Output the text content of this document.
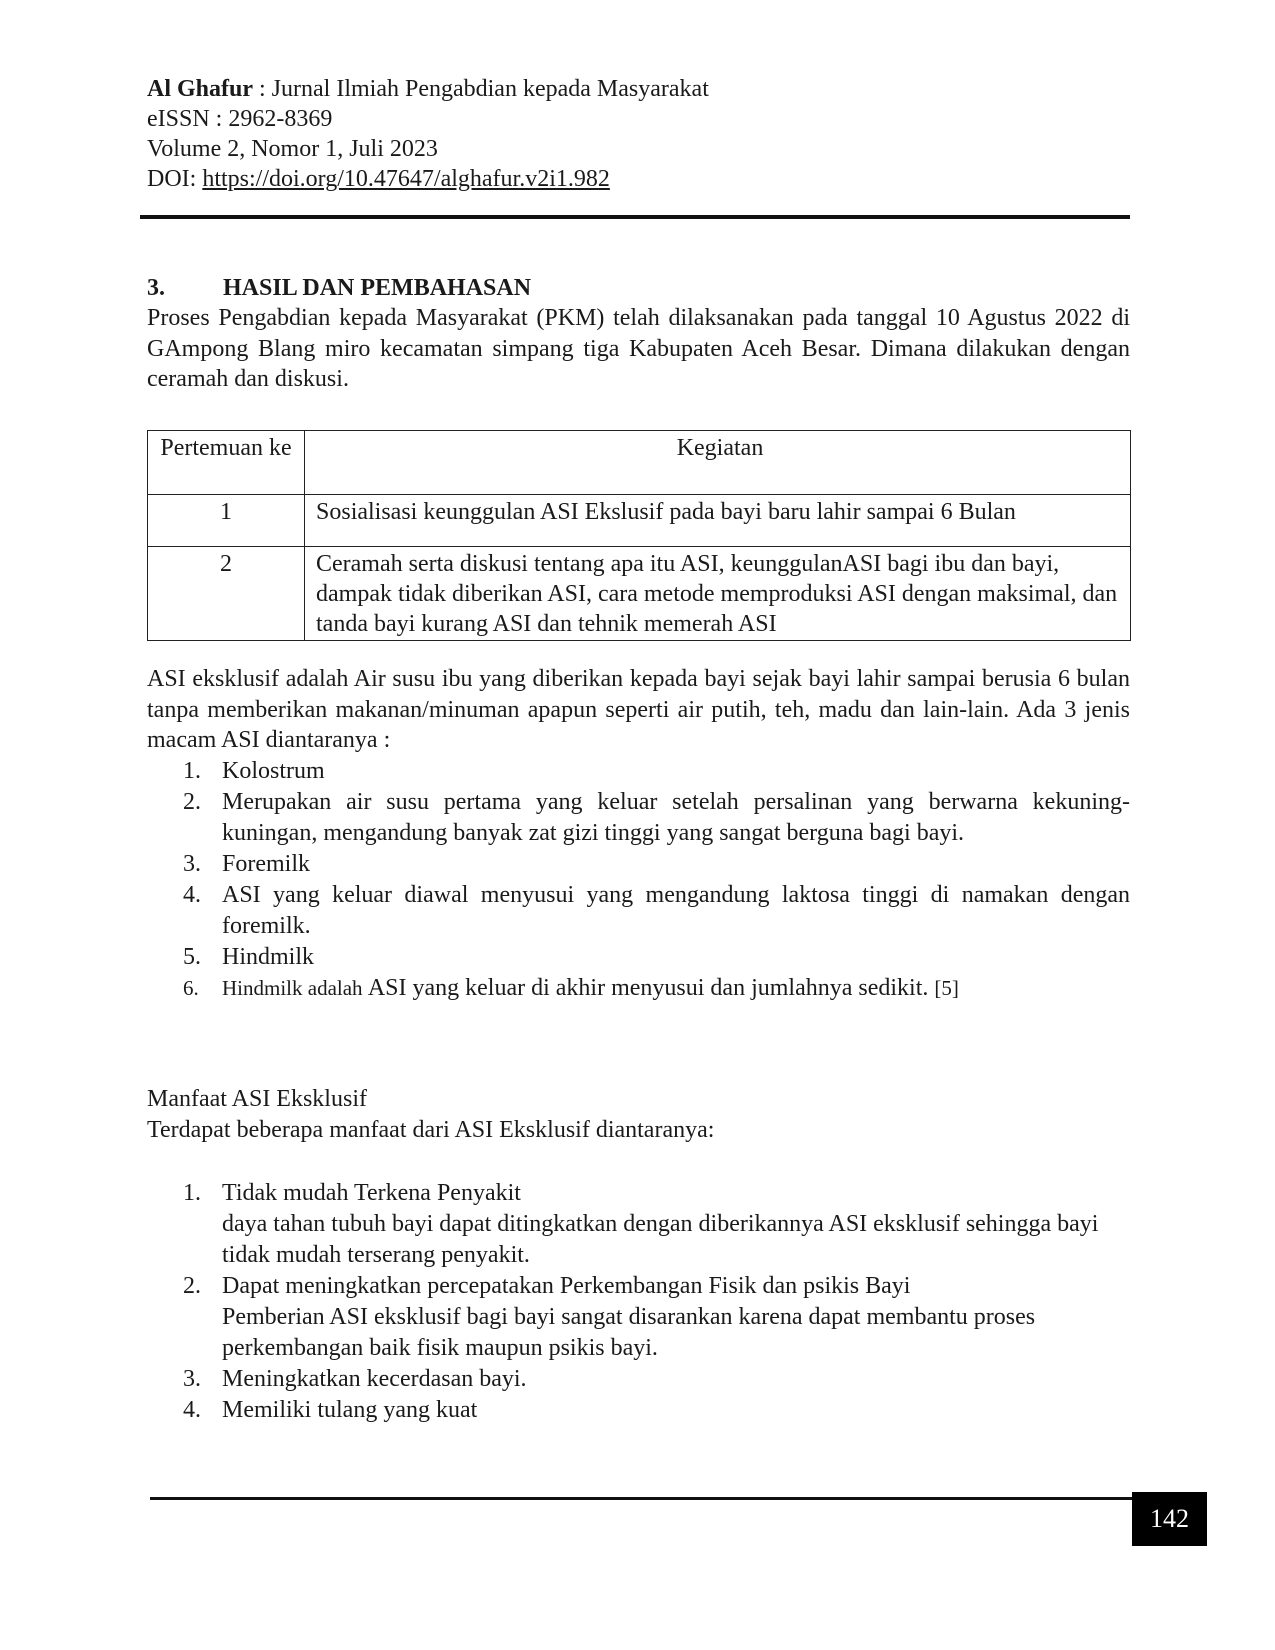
Al Ghafur : Jurnal Ilmiah Pengabdian kepada Masyarakat
eISSN : 2962-8369
Volume 2, Nomor 1, Juli 2023
DOI: https://doi.org/10.47647/alghafur.v2i1.982
3. HASIL DAN PEMBAHASAN
Proses Pengabdian kepada Masyarakat (PKM) telah dilaksanakan pada tanggal 10 Agustus 2022 di GAmpong Blang miro kecamatan simpang tiga Kabupaten Aceh Besar. Dimana dilakukan dengan ceramah dan diskusi.
Pertemuan ke	Kegiatan
1	Sosialisasi keunggulan ASI Ekslusif pada bayi baru lahir sampai 6 Bulan
2	Ceramah serta diskusi tentang apa itu ASI, keunggulanASI bagi ibu dan bayi, dampak tidak diberikan ASI, cara metode memproduksi ASI dengan maksimal, dan tanda bayi kurang ASI dan tehnik memerah ASI
ASI eksklusif adalah Air susu ibu yang diberikan kepada bayi sejak bayi lahir sampai berusia 6 bulan tanpa memberikan makanan/minuman apapun seperti air putih, teh, madu dan lain-lain. Ada 3 jenis macam ASI diantaranya :
1. Kolostrum
2. Merupakan air susu pertama yang keluar setelah persalinan yang berwarna kekuning-kuningan, mengandung banyak zat gizi tinggi yang sangat berguna bagi bayi.
3. Foremilk
4. ASI yang keluar diawal menyusui yang mengandung laktosa tinggi di namakan dengan foremilk.
5. Hindmilk
6. Hindmilk adalah ASI yang keluar di akhir menyusui dan jumlahnya sedikit. [5]
Manfaat ASI Eksklusif
Terdapat beberapa manfaat dari ASI Eksklusif diantaranya:
1. Tidak mudah Terkena Penyakit
daya tahan tubuh bayi dapat ditingkatkan dengan diberikannya ASI eksklusif sehingga bayi tidak mudah terserang penyakit.
2. Dapat meningkatkan percepatakan Perkembangan Fisik dan psikis Bayi
Pemberian ASI eksklusif bagi bayi sangat disarankan karena dapat membantu proses perkembangan baik fisik maupun psikis bayi.
3. Meningkatkan kecerdasan bayi.
4. Memiliki tulang yang kuat
142
